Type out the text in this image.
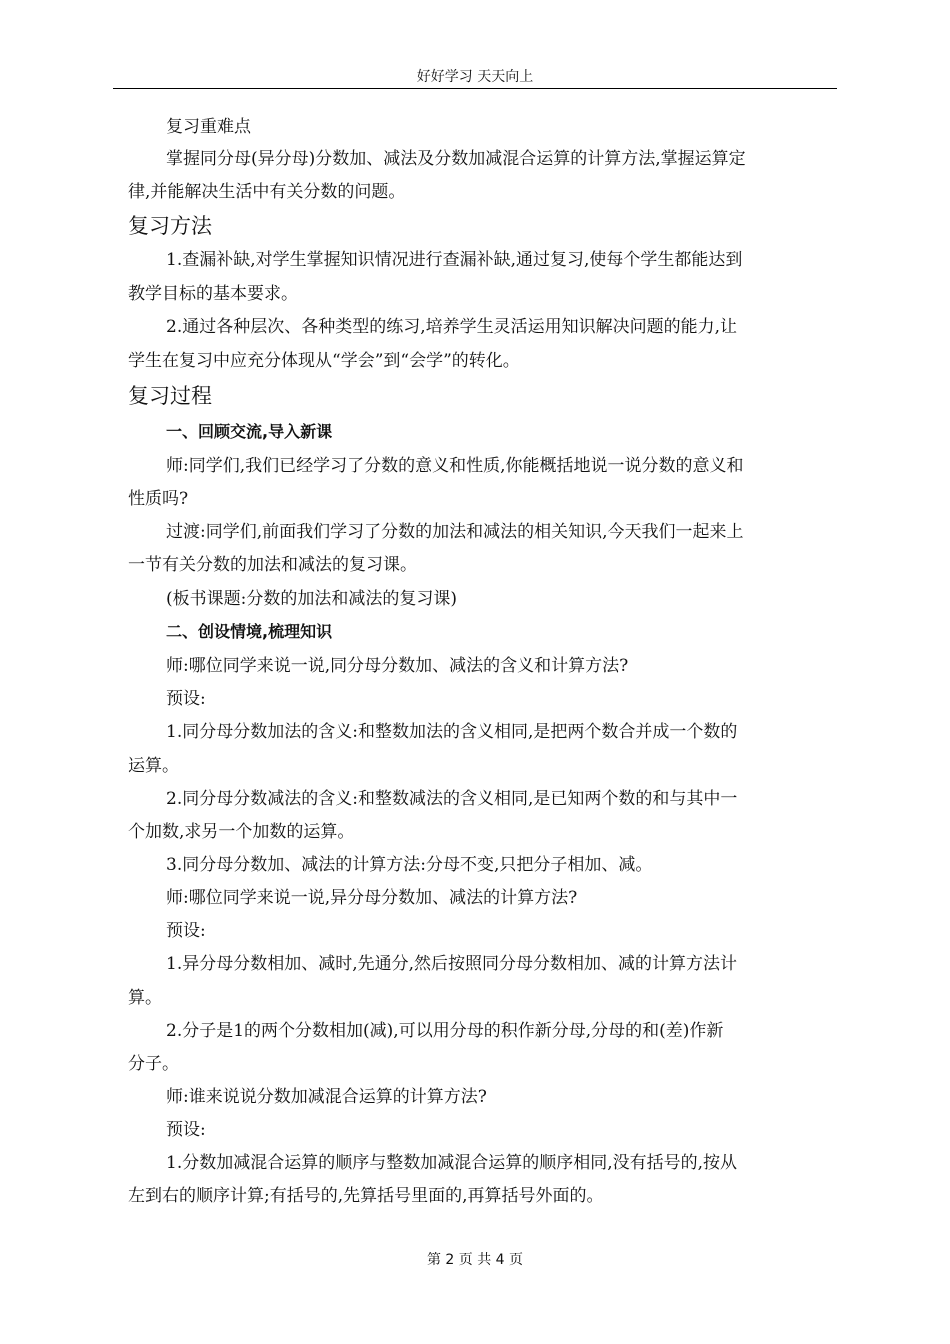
好好学习 天天向上
复习重难点
掌握同分母(异分母)分数加、减法及分数加减混合运算的计算方法,掌握运算定
律,并能解决生活中有关分数的问题。
复习方法
1.查漏补缺,对学生掌握知识情况进行查漏补缺,通过复习,使每个学生都能达到
教学目标的基本要求。
2.通过各种层次、各种类型的练习,培养学生灵活运用知识解决问题的能力,让
学生在复习中应充分体现从“学会”到“会学”的转化。
复习过程
一、回顾交流,导入新课
师:同学们,我们已经学习了分数的意义和性质,你能概括地说一说分数的意义和
性质吗?
过渡:同学们,前面我们学习了分数的加法和减法的相关知识,今天我们一起来上
一节有关分数的加法和减法的复习课。
(板书课题:分数的加法和减法的复习课)
二、创设情境,梳理知识
师:哪位同学来说一说,同分母分数加、减法的含义和计算方法?
预设:
1.同分母分数加法的含义:和整数加法的含义相同,是把两个数合并成一个数的
运算。
2.同分母分数减法的含义:和整数减法的含义相同,是已知两个数的和与其中一
个加数,求另一个加数的运算。
3.同分母分数加、减法的计算方法:分母不变,只把分子相加、减。
师:哪位同学来说一说,异分母分数加、减法的计算方法?
预设:
1.异分母分数相加、减时,先通分,然后按照同分母分数相加、减的计算方法计
算。
2.分子是1的两个分数相加(减),可以用分母的积作新分母,分母的和(差)作新
分子。
师:谁来说说分数加减混合运算的计算方法?
预设:
1.分数加减混合运算的顺序与整数加减混合运算的顺序相同,没有括号的,按从
左到右的顺序计算;有括号的,先算括号里面的,再算括号外面的。
第 2 页 共 4 页
